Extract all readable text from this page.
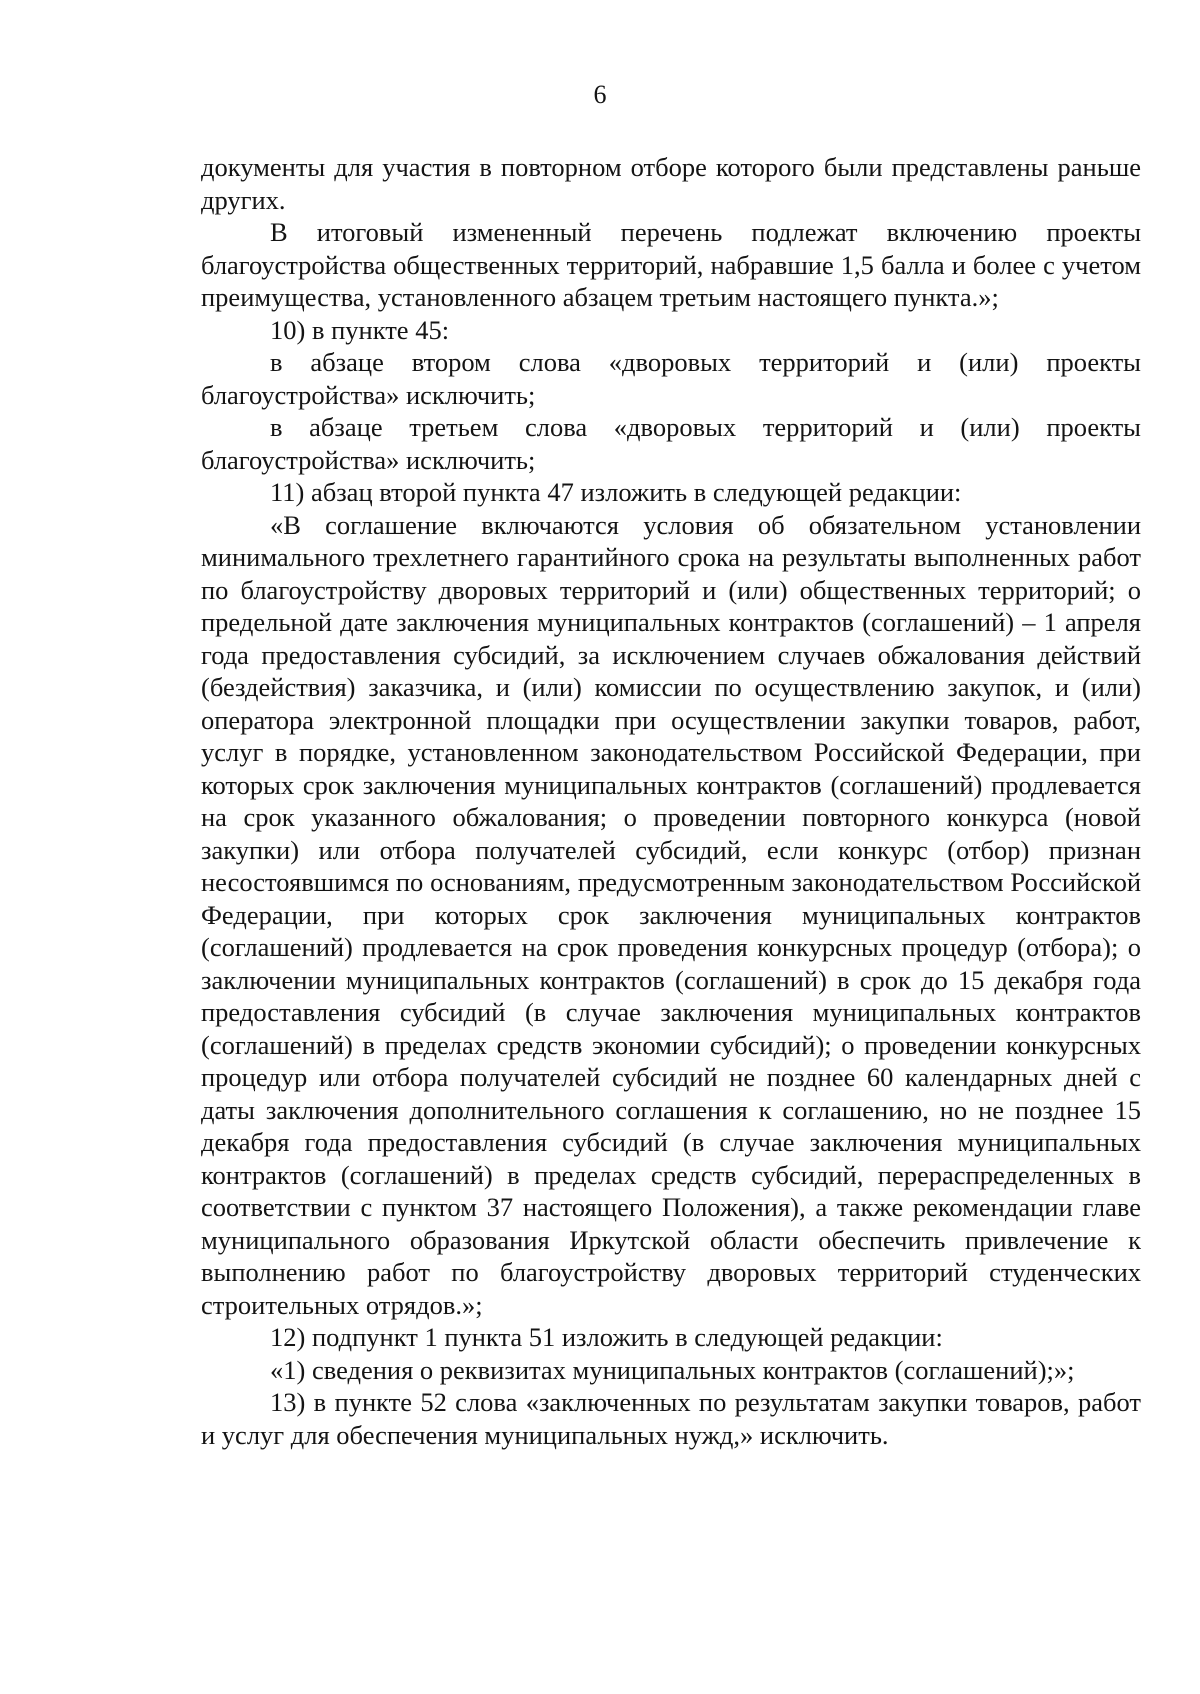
6

документы для участия в повторном отборе которого были представлены раньше других.

В итоговый измененный перечень подлежат включению проекты благоустройства общественных территорий, набравшие 1,5 балла и более с учетом преимущества, установленного абзацем третьим настоящего пункта.»;

10) в пункте 45:

в абзаце втором слова «дворовых территорий и (или) проекты благоустройства» исключить;

в абзаце третьем слова «дворовых территорий и (или) проекты благоустройства» исключить;

11) абзац второй пункта 47 изложить в следующей редакции:

«В соглашение включаются условия об обязательном установлении минимального трехлетнего гарантийного срока на результаты выполненных работ по благоустройству дворовых территорий и (или) общественных территорий; о предельной дате заключения муниципальных контрактов (соглашений) – 1 апреля года предоставления субсидий, за исключением случаев обжалования действий (бездействия) заказчика, и (или) комиссии по осуществлению закупок, и (или) оператора электронной площадки при осуществлении закупки товаров, работ, услуг в порядке, установленном законодательством Российской Федерации, при которых срок заключения муниципальных контрактов (соглашений) продлевается на срок указанного обжалования; о проведении повторного конкурса (новой закупки) или отбора получателей субсидий, если конкурс (отбор) признан несостоявшимся по основаниям, предусмотренным законодательством Российской Федерации, при которых срок заключения муниципальных контрактов (соглашений) продлевается на срок проведения конкурсных процедур (отбора); о заключении муниципальных контрактов (соглашений) в срок до 15 декабря года предоставления субсидий (в случае заключения муниципальных контрактов (соглашений) в пределах средств экономии субсидий); о проведении конкурсных процедур или отбора получателей субсидий не позднее 60 календарных дней с даты заключения дополнительного соглашения к соглашению, но не позднее 15 декабря года предоставления субсидий (в случае заключения муниципальных контрактов (соглашений) в пределах средств субсидий, перераспределенных в соответствии с пунктом 37 настоящего Положения), а также рекомендации главе муниципального образования Иркутской области обеспечить привлечение к выполнению работ по благоустройству дворовых территорий студенческих строительных отрядов.»;

12) подпункт 1 пункта 51 изложить в следующей редакции:

«1) сведения о реквизитах муниципальных контрактов (соглашений);»;

13) в пункте 52 слова «заключенных по результатам закупки товаров, работ и услуг для обеспечения муниципальных нужд,» исключить.
